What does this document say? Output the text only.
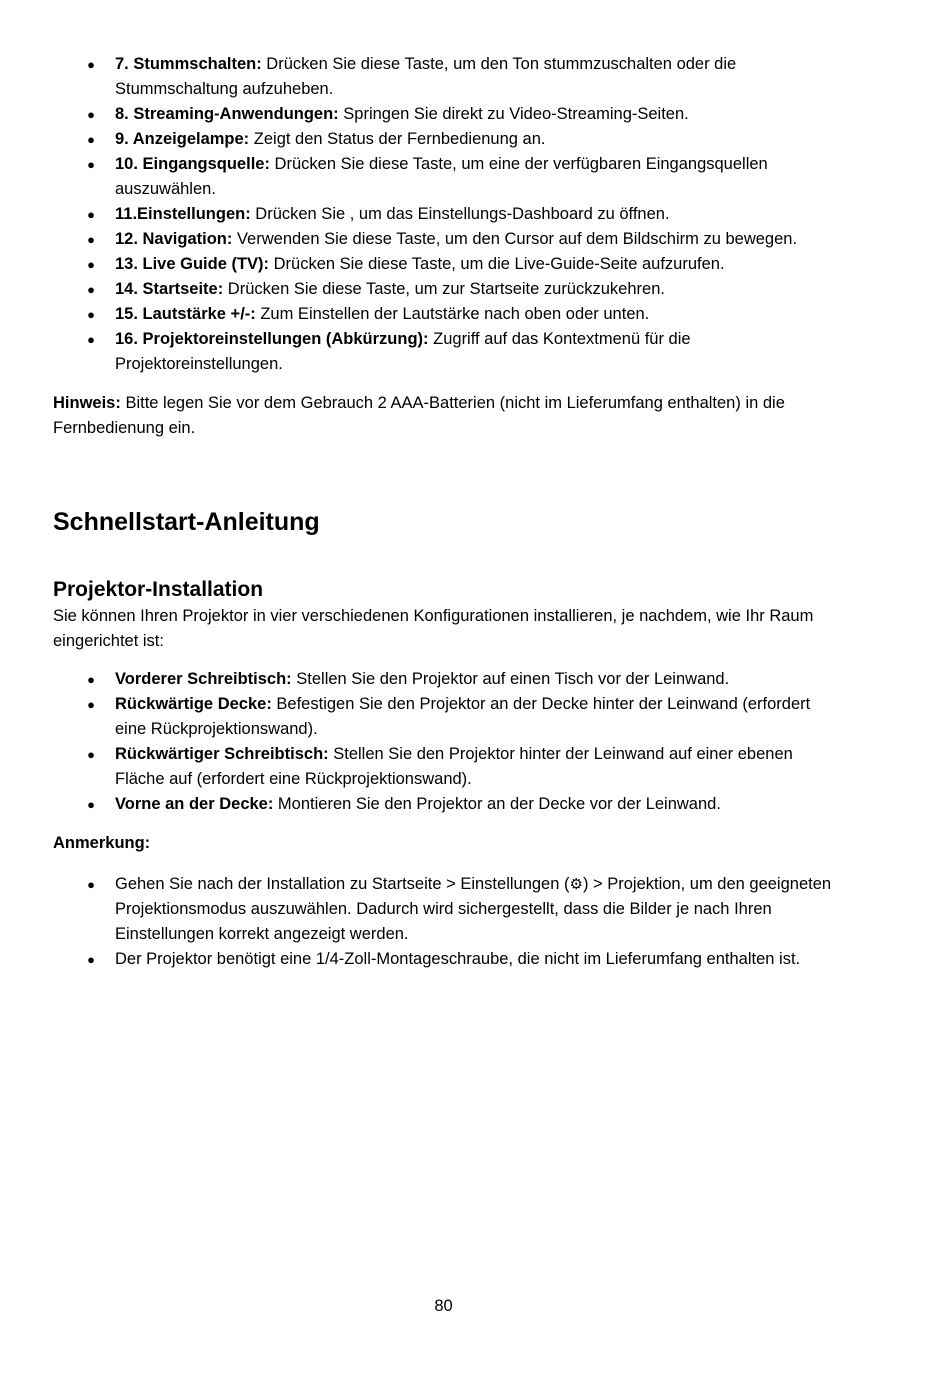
● 7. Stummschalten: Drücken Sie diese Taste, um den Ton stummzuschalten oder die Stummschaltung aufzuheben.
● 8. Streaming-Anwendungen: Springen Sie direkt zu Video-Streaming-Seiten.
● 9. Anzeigelampe: Zeigt den Status der Fernbedienung an.
● 10. Eingangsquelle: Drücken Sie diese Taste, um eine der verfügbaren Eingangsquellen auszuwählen.
● 11.Einstellungen: Drücken Sie , um das Einstellungs-Dashboard zu öffnen.
● 12. Navigation: Verwenden Sie diese Taste, um den Cursor auf dem Bildschirm zu bewegen.
● 13. Live Guide (TV): Drücken Sie diese Taste, um die Live-Guide-Seite aufzurufen.
● 14. Startseite: Drücken Sie diese Taste, um zur Startseite zurückzukehren.
● 15. Lautstärke +/-: Zum Einstellen der Lautstärke nach oben oder unten.
● 16. Projektoreinstellungen (Abkürzung): Zugriff auf das Kontextmenü für die Projektoreinstellungen.

Hinweis: Bitte legen Sie vor dem Gebrauch 2 AAA-Batterien (nicht im Lieferumfang enthalten) in die Fernbedienung ein.

Schnellstart-Anleitung
Projektor-Installation

Sie können Ihren Projektor in vier verschiedenen Konfigurationen installieren, je nachdem, wie Ihr Raum eingerichtet ist:

● Vorderer Schreibtisch: Stellen Sie den Projektor auf einen Tisch vor der Leinwand.
● Rückwärtige Decke: Befestigen Sie den Projektor an der Decke hinter der Leinwand (erfordert eine Rückprojektionswand).
● Rückwärtiger Schreibtisch: Stellen Sie den Projektor hinter der Leinwand auf einer ebenen Fläche auf (erfordert eine Rückprojektionswand).
● Vorne an der Decke: Montieren Sie den Projektor an der Decke vor der Leinwand.

Anmerkung:

● Gehen Sie nach der Installation zu Startseite > Einstellungen (⚙) > Projektion, um den geeigneten Projektionsmodus auszuwählen. Dadurch wird sichergestellt, dass die Bilder je nach Ihren Einstellungen korrekt angezeigt werden.
● Der Projektor benötigt eine 1/4-Zoll-Montageschraube, die nicht im Lieferumfang enthalten ist.
80
